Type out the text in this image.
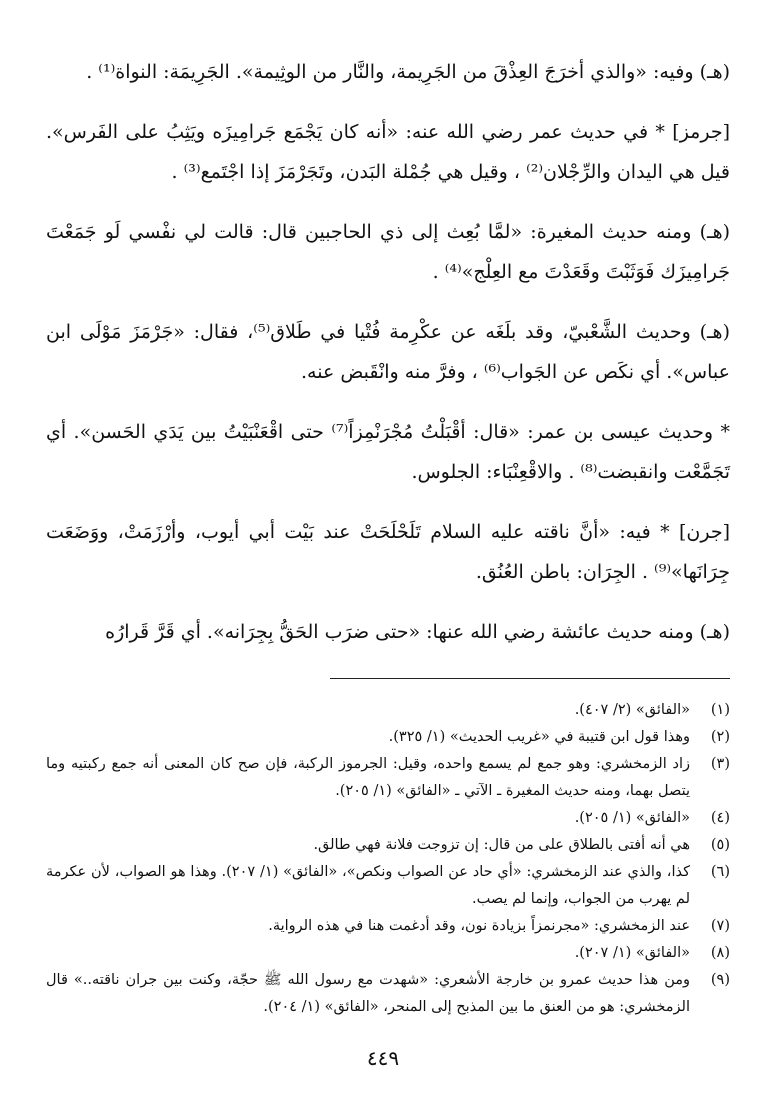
(هـ) وفيه: «والذي أخرَجَ العِذْقَ من الجَرِيمة، والنَّار من الوثِيمة». الجَرِيمَة: النواة⁽¹⁾ .

[جرمز] * في حديث عمر رضي الله عنه: «أنه كان يَجْمَع جَرامِيزَه ويَثِبُ على الفَرس». قيل هي اليدان والرِّجْلان⁽²⁾ ، وقيل هي جُمْلة البَدن، وتَجَرْمَزَ إذا اجْتَمع⁽³⁾ .

(هـ) ومنه حديث المغيرة: «لمَّا بُعِث إلى ذي الحاجبين قال: قالت لي نفْسي لَو جَمَعْتَ جَرامِيزَك فَوَثَبْتَ وقَعَدْتَ مع العِلْج»⁽⁴⁾ .

(هـ) وحديث الشَّعْبيّ، وقد بلَغَه عن عكْرِمة فُتْيا في طَلاق⁽⁵⁾، فقال: «جَرْمَزَ مَوْلَى ابن عباس». أي نكَص عن الجَواب⁽⁶⁾ ، وفرَّ منه وانْقَبض عنه.

* وحديث عيسى بن عمر: «قال: أقْبَلْتُ مُجْرَنْمِزاً⁽⁷⁾ حتى اقْعَنْبَيْتُ بين يَدَي الحَسن». أي تَجَمَّعْت وانقبضت⁽⁸⁾ . والاقْعِنْبَاء: الجلوس.

[جرن] * فيه: «أنَّ ناقته عليه السلام تَلَحْلَحَتْ عند بَيْت أبي أيوب، وأرْزَمَتْ، ووَضَعَت جِرَانَها»⁽⁹⁾ . الجِرَان: باطن العُنُق.

(هـ) ومنه حديث عائشة رضي الله عنها: «حتى ضرَب الحَقُّ بِجِرَانه». أي قَرَّ قَرارُه

(١)
«الفائق» (٢/ ٤٠٧).
(٢)
وهذا قول ابن قتيبة في «غريب الحديث» (١/ ٣٢٥).
(٣)
زاد الزمخشري: وهو جمع لم يسمع واحده، وقيل: الجرموز الركبة، فإن صح كان المعنى أنه جمع ركبتيه وما يتصل بهما، ومنه حديث المغيرة ـ الآتي ـ «الفائق» (١/ ٢٠٥).
(٤)
«الفائق» (١/ ٢٠٥).
(٥)
هي أنه أفتى بالطلاق على من قال: إن تزوجت فلانة فهي طالق.
(٦)
كذا، والذي عند الزمخشري: «أي حاد عن الصواب ونكص»، «الفائق» (١/ ٢٠٧). وهذا هو الصواب، لأن عكرمة لم يهرب من الجواب، وإنما لم يصب.
(٧)
عند الزمخشري: «مجرنمزاً بزيادة نون، وقد أدغمت هنا في هذه الرواية.
(٨)
«الفائق» (١/ ٢٠٧).
(٩)
ومن هذا حديث عمرو بن خارجة الأشعري: «شهدت مع رسول الله ﷺ حجّة، وكنت بين جران ناقته..» قال الزمخشري: هو من العنق ما بين المذبح إلى المنحر، «الفائق» (١/ ٢٠٤).
٤٤٩
